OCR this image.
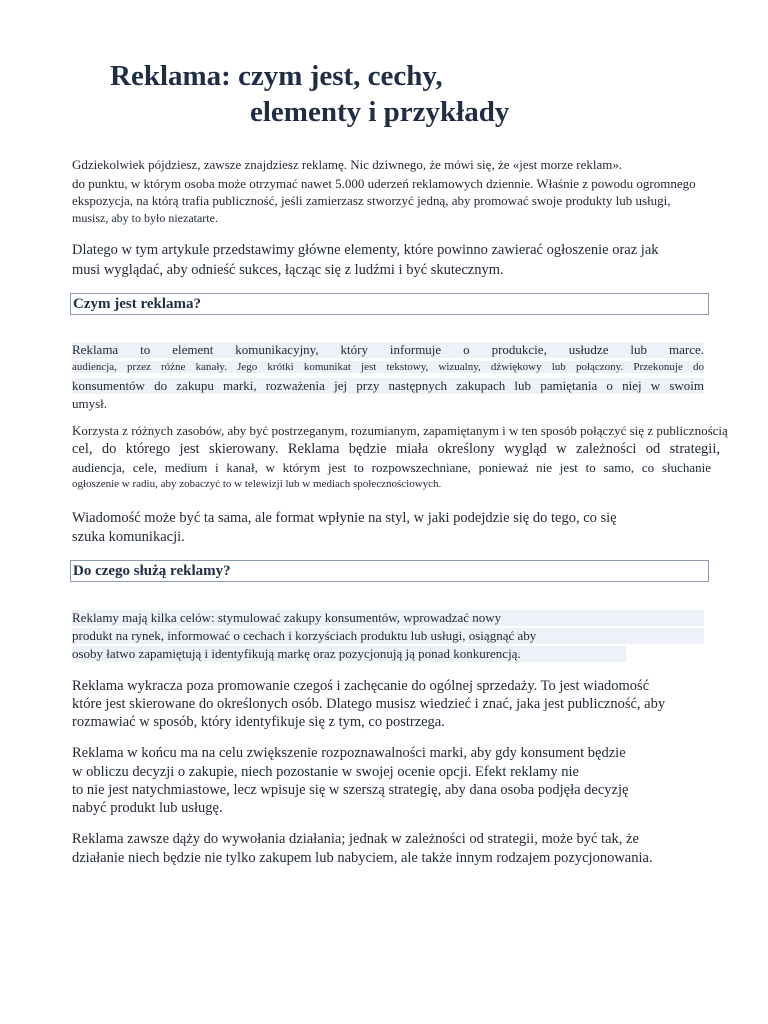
Reklama: czym jest, cechy,
elementy i przykłady
Gdziekolwiek pójdziesz, zawsze znajdziesz reklamę. Nic dziwnego, że mówi się, że «jest morze reklam».
do punktu, w którym osoba może otrzymać nawet 5.000 uderzeń reklamowych dziennie. Właśnie z powodu ogromnego
ekspozycja, na którą trafia publiczność, jeśli zamierzasz stworzyć jedną, aby promować swoje produkty lub usługi,
musisz, aby to było niezatarte.
Dlatego w tym artykule przedstawimy główne elementy, które powinno zawierać ogłoszenie oraz jak
musi wyglądać, aby odnieść sukces, łącząc się z ludźmi i być skutecznym.
Czym jest reklama?
Reklama to element komunikacyjny, który informuje o produkcie, usłudze lub marce.
audiencja, przez różne kanały. Jego krótki komunikat jest tekstowy, wizualny, dźwiękowy lub połączony. Przekonuje do
konsumentów do zakupu marki, rozważenia jej przy następnych zakupach lub pamiętania o niej w swoim
umysł.
Korzysta z różnych zasobów, aby być postrzeganym, rozumianym, zapamiętanym i w ten sposób połączyć się z publicznością
cel, do którego jest skierowany. Reklama będzie miała określony wygląd w zależności od strategii,
audiencja, cele, medium i kanał, w którym jest to rozpowszechniane, ponieważ nie jest to samo, co słuchanie
ogłoszenie w radiu, aby zobaczyć to w telewizji lub w mediach społecznościowych.
Wiadomość może być ta sama, ale format wpłynie na styl, w jaki podejdzie się do tego, co się
szuka komunikacji.
Do czego służą reklamy?
Reklamy mają kilka celów: stymulować zakupy konsumentów, wprowadzać nowy
produkt na rynek, informować o cechach i korzyściach produktu lub usługi, osiągnąć aby
osoby łatwo zapamiętują i identyfikują markę oraz pozycjonują ją ponad konkurencją.
Reklama wykracza poza promowanie czegoś i zachęcanie do ogólnej sprzedaży. To jest wiadomość
które jest skierowane do określonych osób. Dlatego musisz wiedzieć i znać, jaka jest publiczność, aby
rozmawiać w sposób, który identyfikuje się z tym, co postrzega.
Reklama w końcu ma na celu zwiększenie rozpoznawalności marki, aby gdy konsument będzie
w obliczu decyzji o zakupie, niech pozostanie w swojej ocenie opcji. Efekt reklamy nie
to nie jest natychmiastowe, lecz wpisuje się w szerszą strategię, aby dana osoba podjęła decyzję
nabyć produkt lub usługę.
Reklama zawsze dąży do wywołania działania; jednak w zależności od strategii, może być tak, że
działanie niech będzie nie tylko zakupem lub nabyciem, ale także innym rodzajem pozycjonowania.
